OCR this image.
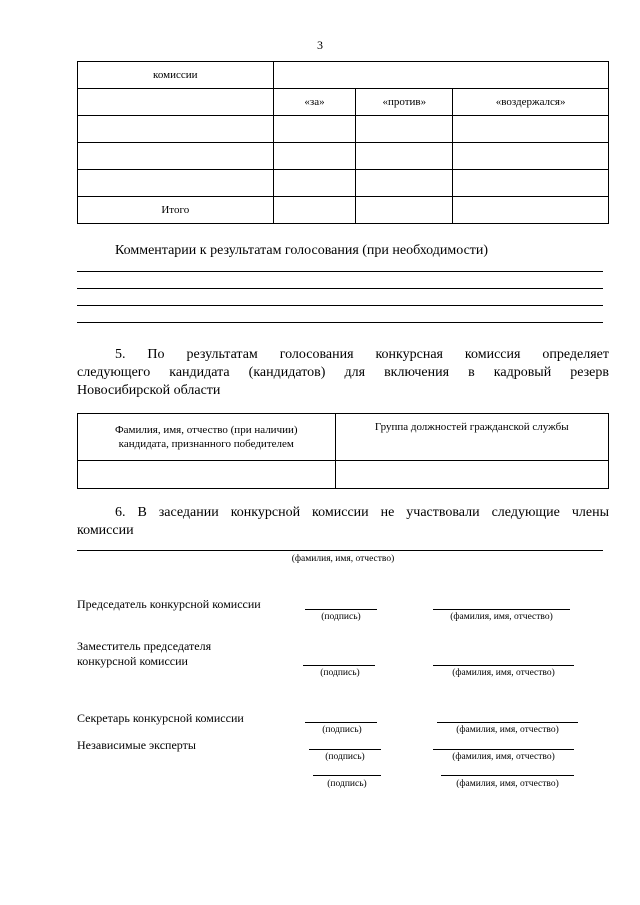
3
комиссии			
	«за»	«против»	«воздержался»

Итого			
Комментарии к результатам голосования (при необходимости)
5. По результатам голосования конкурсная комиссия определяет
следующего кандидата (кандидатов) для включения в кадровый резерв
Новосибирской области
Фамилия, имя, отчество (при наличии)
кандидата, признанного победителем	Группа должностей гражданской службы

6. В заседании конкурсной комиссии не участвовали следующие члены
комиссии
(фамилия, имя, отчество)
Председатель конкурсной комиссии
(подпись)	(фамилия, имя, отчество)
Заместитель председателя
конкурсной комиссии
(подпись)	(фамилия, имя, отчество)
Секретарь конкурсной комиссии
(подпись)	(фамилия, имя, отчество)
Независимые эксперты
(подпись)	(фамилия, имя, отчество)
(подпись)	(фамилия, имя, отчество)
